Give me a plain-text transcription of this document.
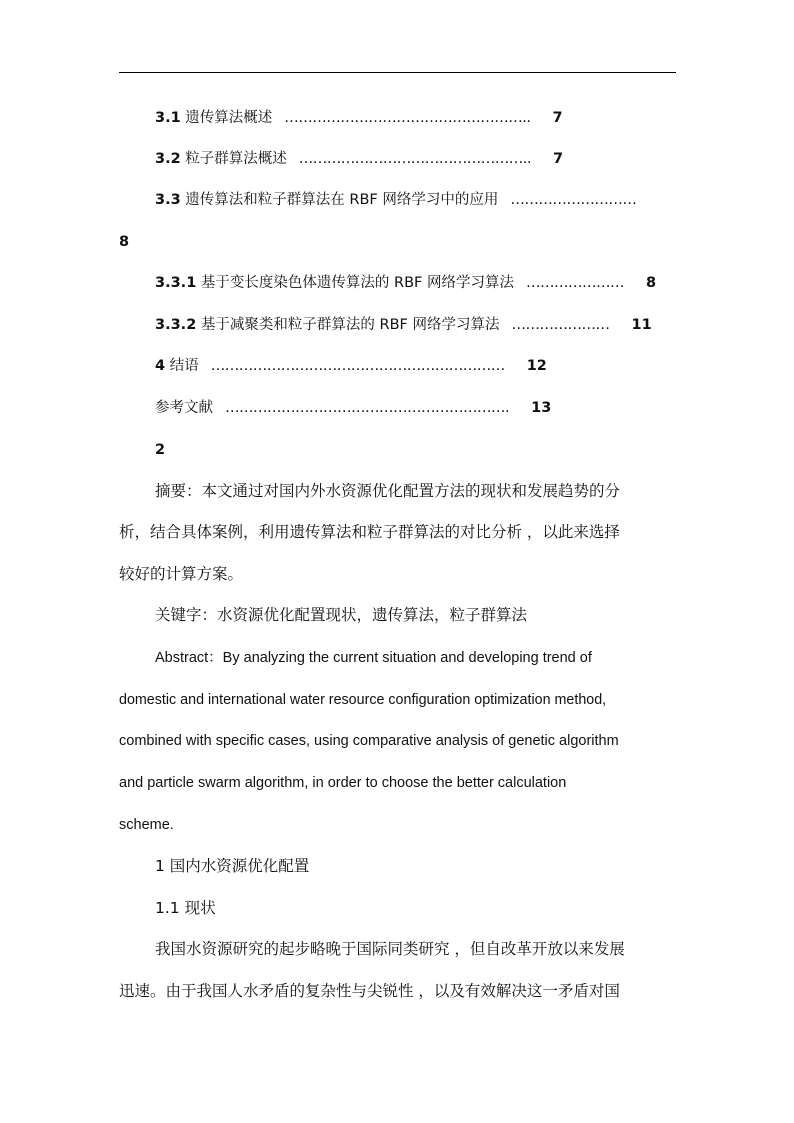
3.1
遗传算法概述 …………………………………………….. 7
3.2
粒子群算法概述 ………………………………………….. 7
3.3
遗传算法和粒子群算法在 RBF 网络学习中的应用 ………………………
8
3.3.1
基于变长度染色体遗传算法的 RBF 网络学习算法 ………………… 8
3.3.2
基于减聚类和粒子群算法的 RBF 网络学习算法 ………………… 11
4
结语 ……………………………………………………… 12
参考文献 ……………………………………………………. 13
2
摘要：本文通过对国内外水资源优化配置方法的现状和发展趋势的分
析，结合具体案例，利用遗传算法和粒子群算法的对比分析 ，以此来选择
较好的计算方案。
关键字：水资源优化配置现状，遗传算法，粒子群算法
Abstract：By analyzing the current situation and developing trend of
domestic and international water resource configuration optimization method,
combined with specific cases, using comparative analysis of genetic algorithm
and particle swarm algorithm, in order to choose the better calculation
scheme.
1 国内水资源优化配置
1.1 现状
我国水资源研究的起步略晚于国际同类研究 ，但自改革开放以来发展
迅速。由于我国人水矛盾的复杂性与尖锐性 ，以及有效解决这一矛盾对国
